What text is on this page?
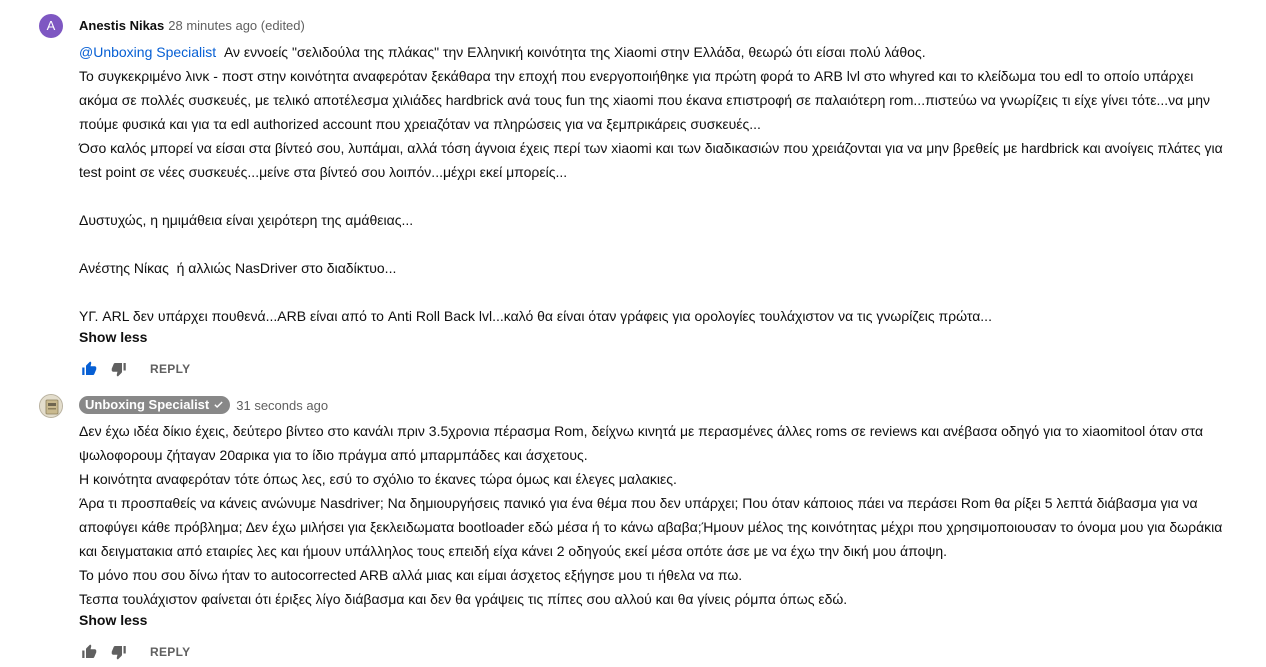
A	Anestis Nikas 28 minutes ago (edited)

@Unboxing Specialist Αν εννοείς "σελιδούλα της πλάκας" την Ελληνική κοινότητα της Xiaomi στην Ελλάδα, θεωρώ ότι είσαι πολύ λάθος.

Το συγκεκριμένο λινκ - ποστ στην κοινότητα αναφερόταν ξεκάθαρα την εποχή που ενεργοποιήθηκε για πρώτη φορά το ARB lvl στο whyred και το κλείδωμα του edl το οποίο υπάρχει ακόμα σε πολλές συσκευές, με τελικό αποτέλεσμα χιλιάδες hardbrick ανά τους fun της xiaomi που έκανα επιστροφή σε παλαιότερη rom...πιστεύω να γνωρίζεις τι είχε γίνει τότε...να μην πούμε φυσικά και για τα edl authorized account που χρειαζόταν να πληρώσεις για να ξεμπρικάρεις συσκευές...

Όσο καλός μπορεί να είσαι στα βίντεό σου, λυπάμαι, αλλά τόση άγνοια έχεις περί των xiaomi και των διαδικασιών που χρειάζονται για να μην βρεθείς με hardbrick και ανοίγεις πλάτες για test point σε νέες συσκευές...μείνε στα βίντεό σου λοιπόν...μέχρι εκεί μπορείς...

Δυστυχώς, η ημιμάθεια είναι χειρότερη της αμάθειας...

Ανέστης Νίκας  ή αλλιώς NasDriver στο διαδίκτυο...

ΥΓ. ARL δεν υπάρχει πουθενά...ARB είναι από το Anti Roll Back lvl...καλό θα είναι όταν γράφεις για ορολογίες τουλάχιστον να τις γνωρίζεις πρώτα...

Show less
REPLY
Unboxing Specialist 31 seconds ago

Δεν έχω ιδέα δίκιο έχεις, δεύτερο βίντεο στο κανάλι πριν 3.5χρονια πέρασμα Rom, δείχνω κινητά με περασμένες άλλες roms σε reviews και ανέβασα οδηγό για το xiaomitool όταν στα ψωλοφορουμ ζήταγαν 20αρικα για το ίδιο πράγμα από μπαρμπάδες και άσχετους.

Η κοινότητα αναφερόταν τότε όπως λες, εσύ το σχόλιο το έκανες τώρα όμως και έλεγες μαλακιες.

Άρα τι προσπαθείς να κάνεις ανώνυμε Nasdriver; Να δημιουργήσεις πανικό για ένα θέμα που δεν υπάρχει; Που όταν κάποιος πάει να περάσει Rom θα ρίξει 5 λεπτά διάβασμα για να αποφύγει κάθε πρόβλημα; Δεν έχω μιλήσει για ξεκλειδωματα bootloader εδώ μέσα ή το κάνω αβαβα;Ήμουν μέλος της κοινότητας μέχρι που χρησιμοποιουσαν το όνομα μου για δωράκια και δειγματακια από εταιρίες λες και ήμουν υπάλληλος τους επειδή είχα κάνει 2 οδηγούς εκεί μέσα οπότε άσε με να έχω την δική μου άποψη.

Το μόνο που σου δίνω ήταν το autocorrected ARB αλλά μιας και είμαι άσχετος εξήγησε μου τι ήθελα να πω.

Τεσπα τουλάχιστον φαίνεται ότι έριξες λίγο διάβασμα και δεν θα γράψεις τις πίπες σου αλλού και θα γίνεις ρόμπα όπως εδώ.

Show less
REPLY
